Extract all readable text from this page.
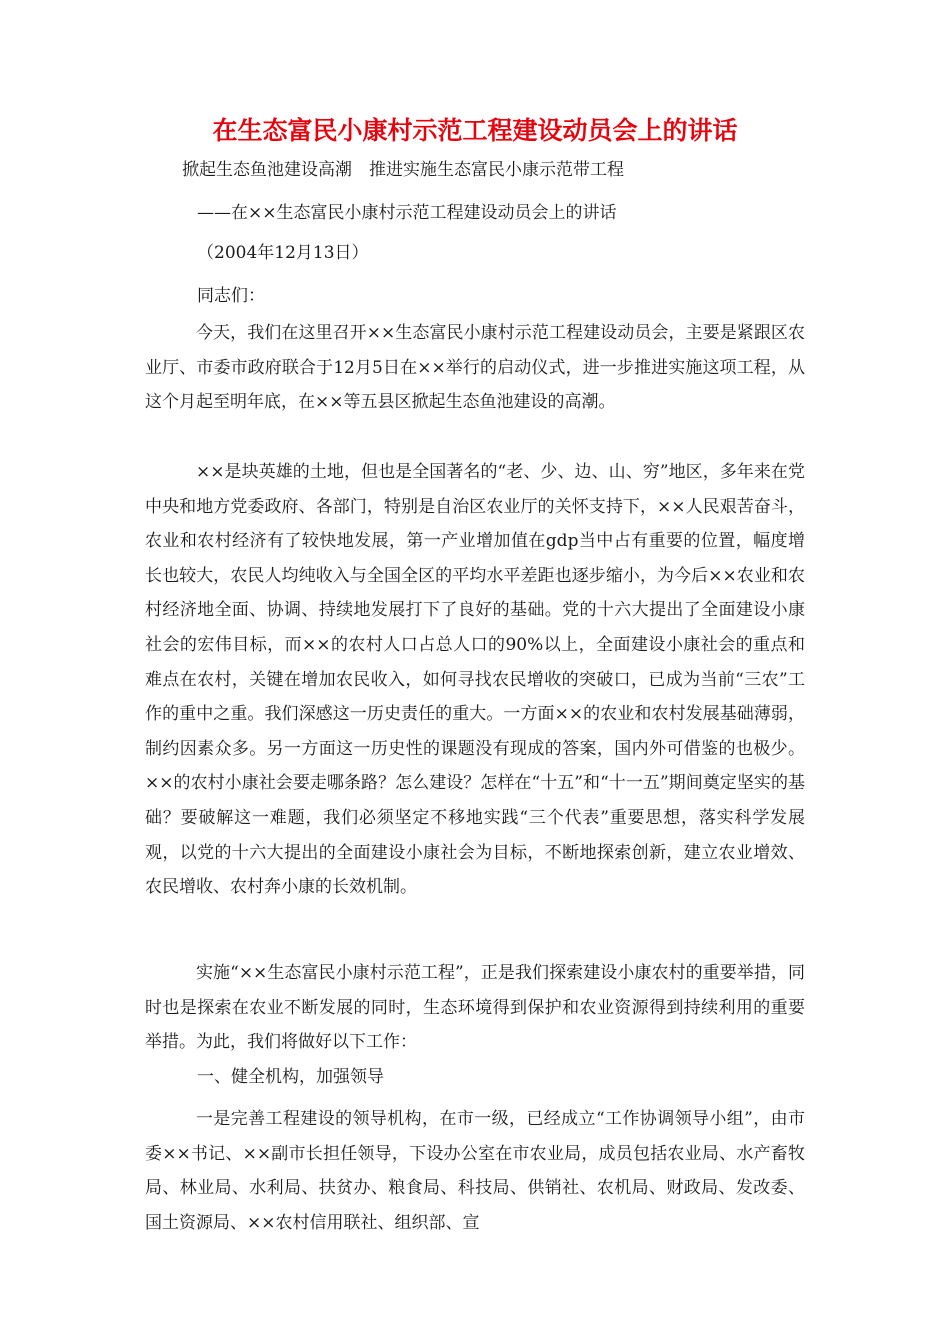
在生态富民小康村示范工程建设动员会上的讲话

掀起生态鱼池建设高潮　推进实施生态富民小康示范带工程

——在××生态富民小康村示范工程建设动员会上的讲话

（2004年12月13日）

同志们：

今天，我们在这里召开××生态富民小康村示范工程建设动员会，主要是紧跟区农业厅、市委市政府联合于12月5日在××举行的启动仪式，进一步推进实施这项工程，从这个月起至明年底，在××等五县区掀起生态鱼池建设的高潮。

××是块英雄的土地，但也是全国著名的“老、少、边、山、穷”地区，多年来在党中央和地方党委政府、各部门，特别是自治区农业厅的关怀支持下，××人民艰苦奋斗，农业和农村经济有了较快地发展，第一产业增加值在gdp当中占有重要的位置，幅度增长也较大，农民人均纯收入与全国全区的平均水平差距也逐步缩小，为今后××农业和农村经济地全面、协调、持续地发展打下了良好的基础。党的十六大提出了全面建设小康社会的宏伟目标，而××的农村人口占总人口的90%以上，全面建设小康社会的重点和难点在农村，关键在增加农民收入，如何寻找农民增收的突破口，已成为当前“三农”工作的重中之重。我们深感这一历史责任的重大。一方面××的农业和农村发展基础薄弱，制约因素众多。另一方面这一历史性的课题没有现成的答案，国内外可借鉴的也极少。××的农村小康社会要走哪条路？怎么建设？怎样在“十五”和“十一五”期间奠定坚实的基础？要破解这一难题，我们必须坚定不移地实践“三个代表”重要思想，落实科学发展观，以党的十六大提出的全面建设小康社会为目标，不断地探索创新，建立农业增效、农民增收、农村奔小康的长效机制。

实施“××生态富民小康村示范工程”，正是我们探索建设小康农村的重要举措，同时也是探索在农业不断发展的同时，生态环境得到保护和农业资源得到持续利用的重要举措。为此，我们将做好以下工作：

一、健全机构，加强领导

一是完善工程建设的领导机构，在市一级，已经成立“工作协调领导小组”，由市委××书记、××副市长担任领导，下设办公室在市农业局，成员包括农业局、水产畜牧局、林业局、水利局、扶贫办、粮食局、科技局、供销社、农机局、财政局、发改委、国土资源局、××农村信用联社、组织部、宣
